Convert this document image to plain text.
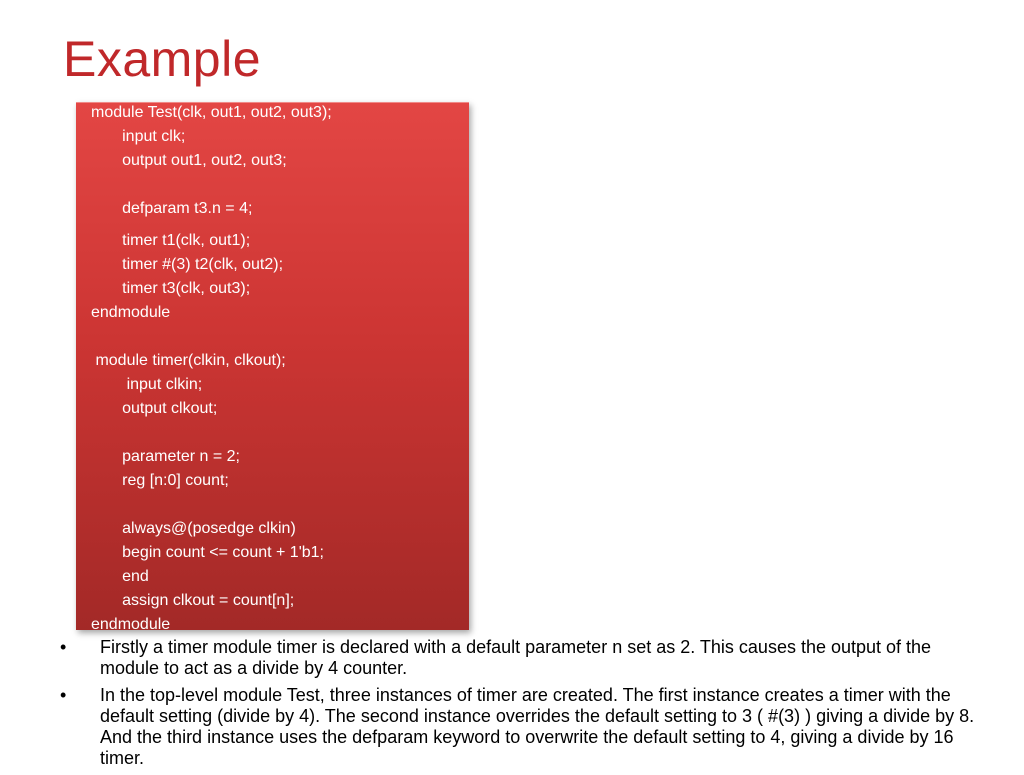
Example
module Test(clk, out1, out2, out3);
input clk;
output out1, out2, out3;
defparam t3.n = 4;
timer t1(clk, out1);
timer #(3) t2(clk, out2);
timer t3(clk, out3);
endmodule
module timer(clkin, clkout);
input clkin;
output clkout;
parameter n = 2;
reg [n:0] count;
always@(posedge clkin)
begin count <= count + 1'b1;
end
assign clkout = count[n];
endmodule
•	Firstly a timer module timer is declared with a default parameter n set as 2. This causes the output of the module to act as a divide by 4 counter.
•	In the top-level module Test, three instances of timer are created. The first instance creates a timer with the default setting (divide by 4). The second instance overrides the default setting to 3 ( #(3) ) giving a divide by 8. And the third instance uses the defparam keyword to overwrite the default setting to 4, giving a divide by 16 timer.
